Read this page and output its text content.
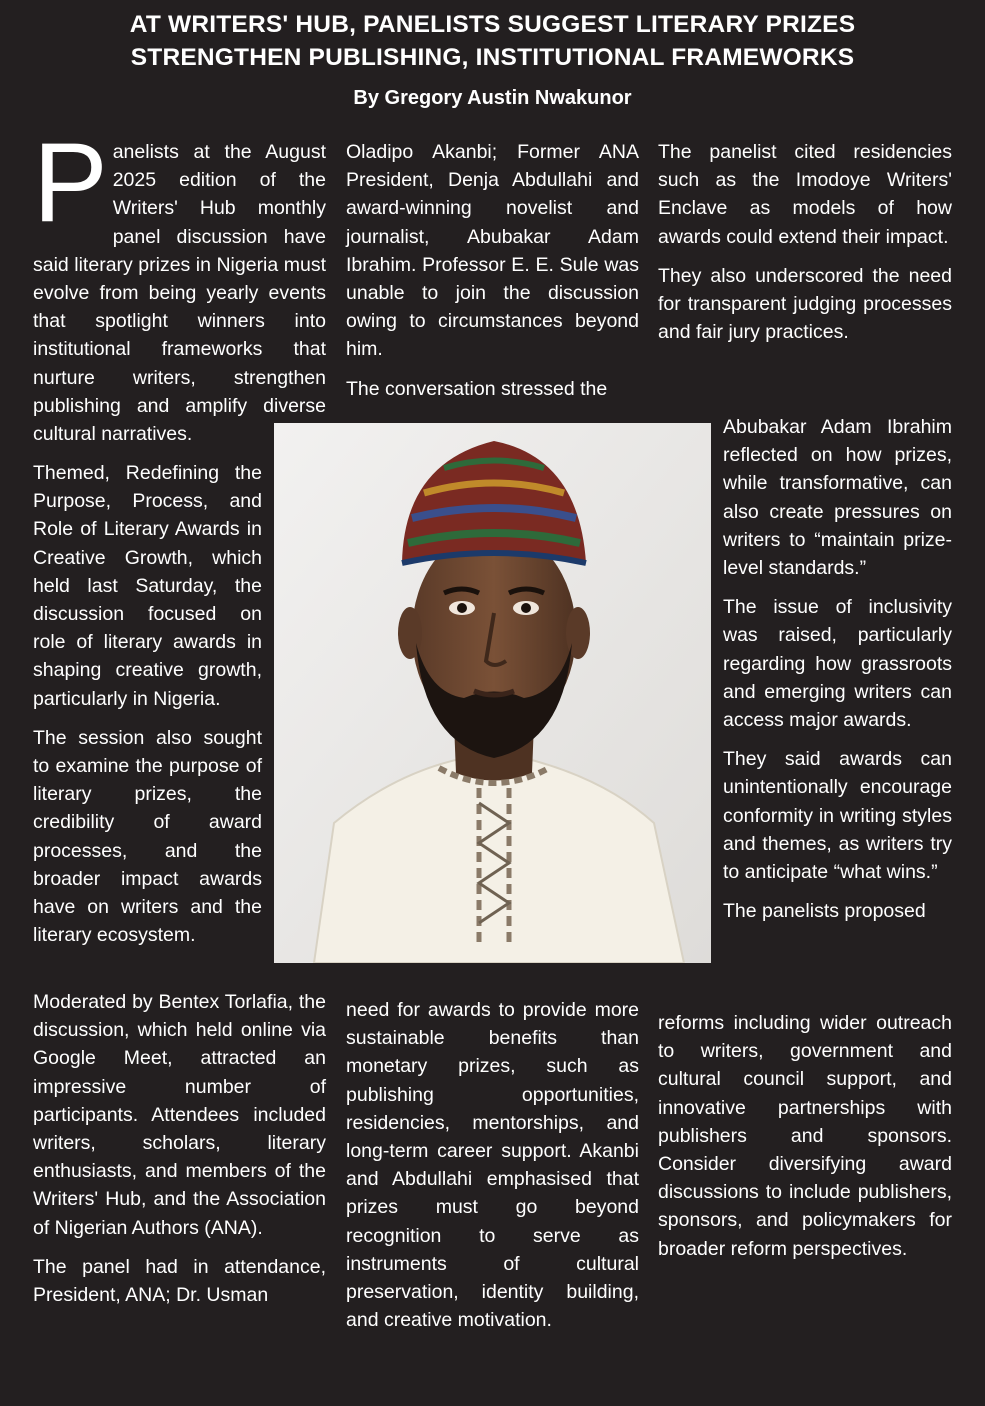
AT WRITERS' HUB, PANELISTS SUGGEST LITERARY PRIZES
STRENGTHEN PUBLISHING, INSTITUTIONAL FRAMEWORKS
By Gregory Austin Nwakunor

Panelists at the August 2025 edition of the Writers' Hub monthly panel discussion have said literary prizes in Nigeria must evolve from being yearly events that spotlight winners into institutional frameworks that nurture writers, strengthen publishing and amplify diverse cultural narratives.

Themed, Redefining the Purpose, Process, and Role of Literary Awards in Creative Growth, which held last Saturday, the discussion focused on role of literary awards in shaping creative growth, particularly in Nigeria.

The session also sought to examine the purpose of literary prizes, the credibility of award processes, and the broader impact awards have on writers and the literary ecosystem.

Moderated by Bentex Torlafia, the discussion, which held online via Google Meet, attracted an impressive number of participants. Attendees included writers, scholars, literary enthusiasts, and members of the Writers' Hub, and the Association of Nigerian Authors (ANA).

The panel had in attendance, President, ANA; Dr. Usman

Oladipo Akanbi; Former ANA President, Denja Abdullahi and award-winning novelist and journalist, Abubakar Adam Ibrahim. Professor E. E. Sule was unable to join the discussion owing to circumstances beyond him.

The conversation stressed the

need for awards to provide more sustainable benefits than monetary prizes, such as publishing opportunities, residencies, mentorships, and long-term career support. Akanbi and Abdullahi emphasised that prizes must go beyond recognition to serve as instruments of cultural preservation, identity building, and creative motivation.

The panelist cited residencies such as the Imodoye Writers' Enclave as models of how awards could extend their impact.

They also underscored the need for transparent judging processes and fair jury practices.

Abubakar Adam Ibrahim reflected on how prizes, while transformative, can also create pressures on writers to “maintain prize-level standards.”

The issue of inclusivity was raised, particularly regarding how grassroots and emerging writers can access major awards.

They said awards can unintentionally encourage conformity in writing styles and themes, as writers try to anticipate “what wins.”

The panelists proposed

reforms including wider outreach to writers, government and cultural council support, and innovative partnerships with publishers and sponsors. Consider diversifying award discussions to include publishers, sponsors, and policymakers for broader reform perspectives.
